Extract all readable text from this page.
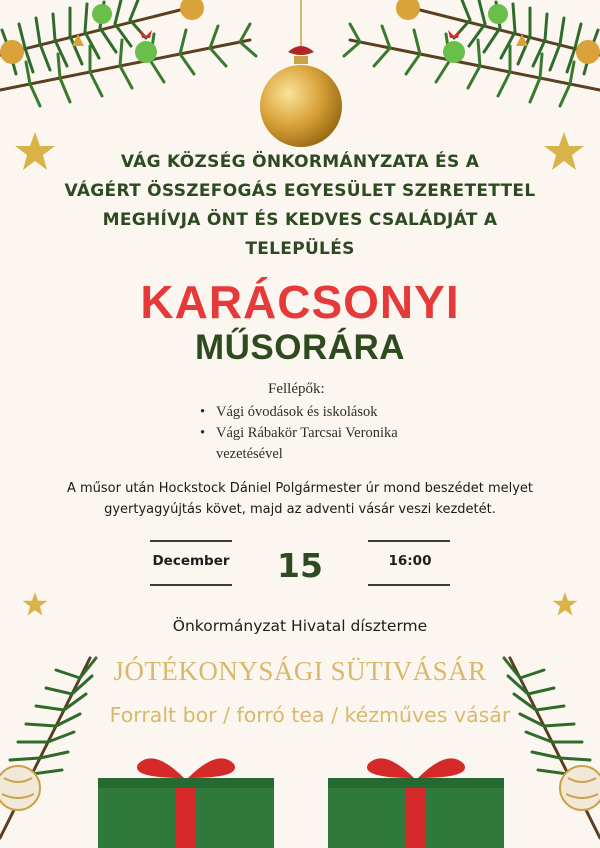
VÁG KÖZSÉG ÖNKORMÁNYZATA ÉS A
VÁGÉRT ÖSSZEFOGÁS EGYESÜLET SZERETETTEL
MEGHÍVJA ÖNT ÉS KEDVES CSALÁDJÁT A
TELEPÜLÉS
KARÁCSONYI
MŰSORÁRA
Fellépők:
• Vági óvodások és iskolások
• Vági Rábakör Tarcsai Veronika vezetésével
A műsor után Hockstock Dániel Polgármester úr mond beszédet melyet
gyertyagyújtás követ, majd az adventi vásár veszi kezdetét.
December 15	16:00
Önkormányzat Hivatal díszterme
JÓTÉKONYSÁGI SÜTIVÁSÁR
Forralt bor / forró tea / kézműves vásár
